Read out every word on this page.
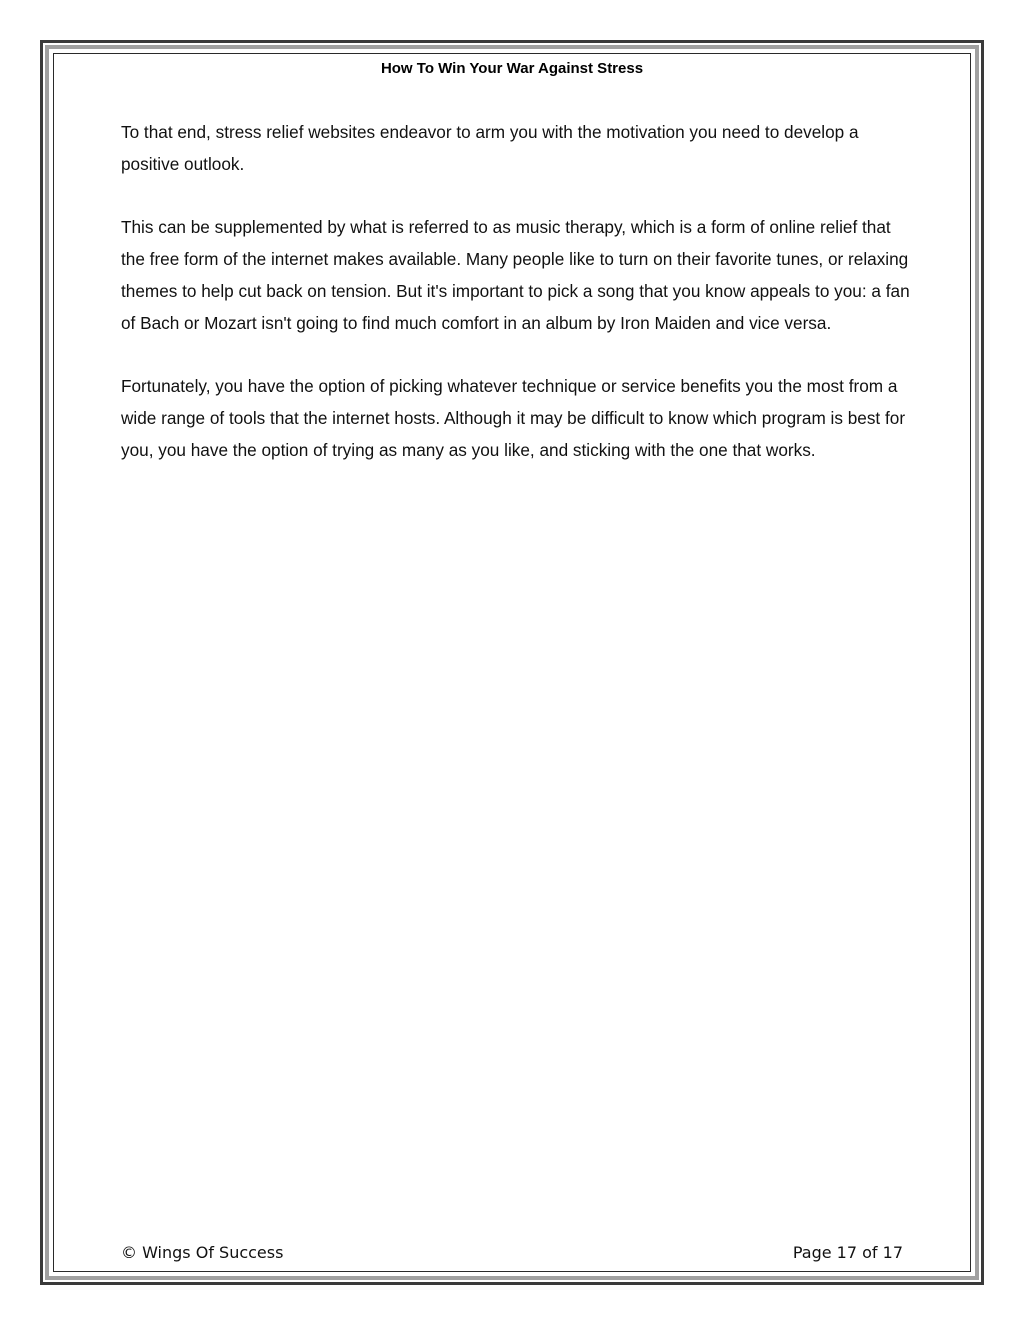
How To Win Your War Against Stress

To that end, stress relief websites endeavor to arm you with the motivation you need to develop a positive outlook.

This can be supplemented by what is referred to as music therapy, which is a form of online relief that the free form of the internet makes available. Many people like to turn on their favorite tunes, or relaxing themes to help cut back on tension. But it's important to pick a song that you know appeals to you: a fan of Bach or Mozart isn't going to find much comfort in an album by Iron Maiden and vice versa.

Fortunately, you have the option of picking whatever technique or service benefits you the most from a wide range of tools that the internet hosts. Although it may be difficult to know which program is best for you, you have the option of trying as many as you like, and sticking with the one that works.

© Wings Of Success	Page 17 of 17
